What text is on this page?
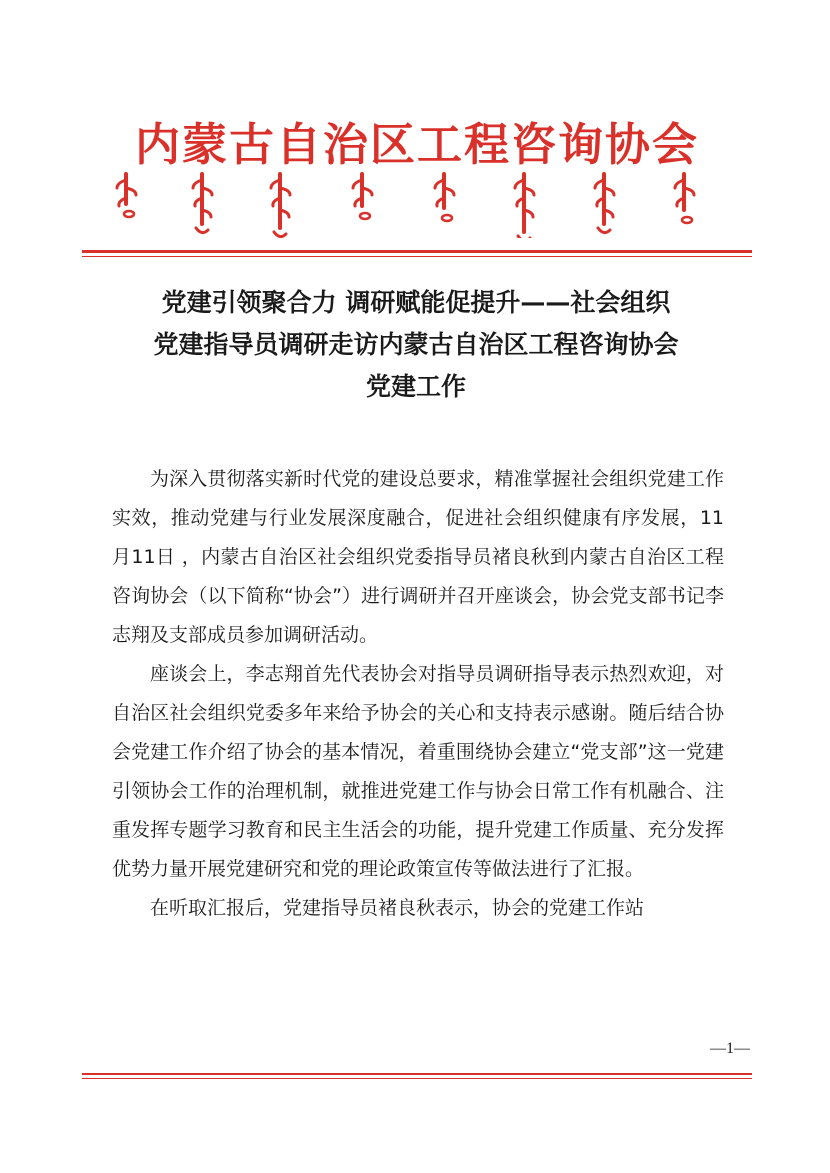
内蒙古自治区工程咨询协会
党建引领聚合力 调研赋能促提升——社会组织
党建指导员调研走访内蒙古自治区工程咨询协会
党建工作

为深入贯彻落实新时代党的建设总要求，精准掌握社会组织党建工作实效，推动党建与行业发展深度融合，促进社会组织健康有序发展，11月11日 ，内蒙古自治区社会组织党委指导员褚良秋到内蒙古自治区工程咨询协会（以下简称“协会”）进行调研并召开座谈会，协会党支部书记李志翔及支部成员参加调研活动。

座谈会上，李志翔首先代表协会对指导员调研指导表示热烈欢迎，对自治区社会组织党委多年来给予协会的关心和支持表示感谢。随后结合协会党建工作介绍了协会的基本情况，着重围绕协会建立“党支部”这一党建引领协会工作的治理机制，就推进党建工作与协会日常工作有机融合、注重发挥专题学习教育和民主生活会的功能，提升党建工作质量、充分发挥优势力量开展党建研究和党的理论政策宣传等做法进行了汇报。

在听取汇报后，党建指导员褚良秋表示，协会的党建工作站

—1—
